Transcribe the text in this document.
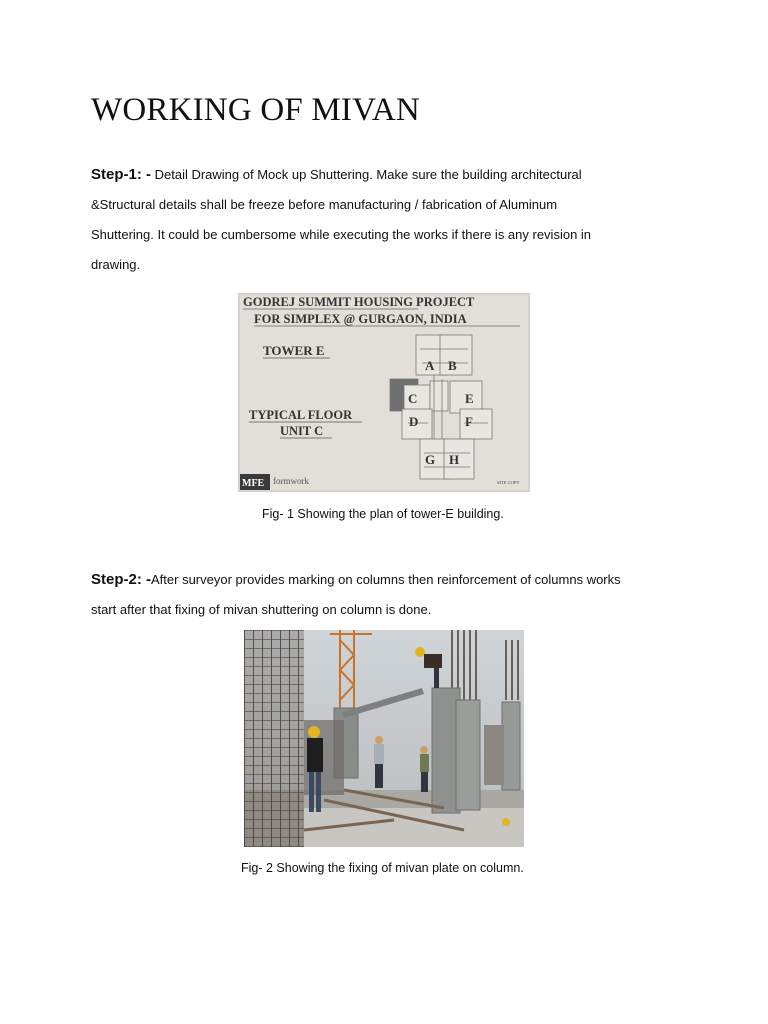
WORKING OF MIVAN
Step-1: - Detail Drawing of Mock up Shuttering. Make sure the building architectural
&Structural details shall be freeze before manufacturing / fabrication of Aluminum
Shuttering. It could be cumbersome while executing the works if there is any revision in
drawing.
GODREJ SUMMIT HOUSING PROJECT
FOR SIMPLEX @ GURGAON, INDIA
TOWER E
TYPICAL FLOOR
UNIT C
A B
C	E
D	F
G H
MFE formwork	SITE COPY
Fig- 1 Showing the plan of tower-E building.
Step-2: -After surveyor provides marking on columns then reinforcement of columns works
start after that fixing of mivan shuttering on column is done.
Fig- 2 Showing the fixing of mivan plate on column.
